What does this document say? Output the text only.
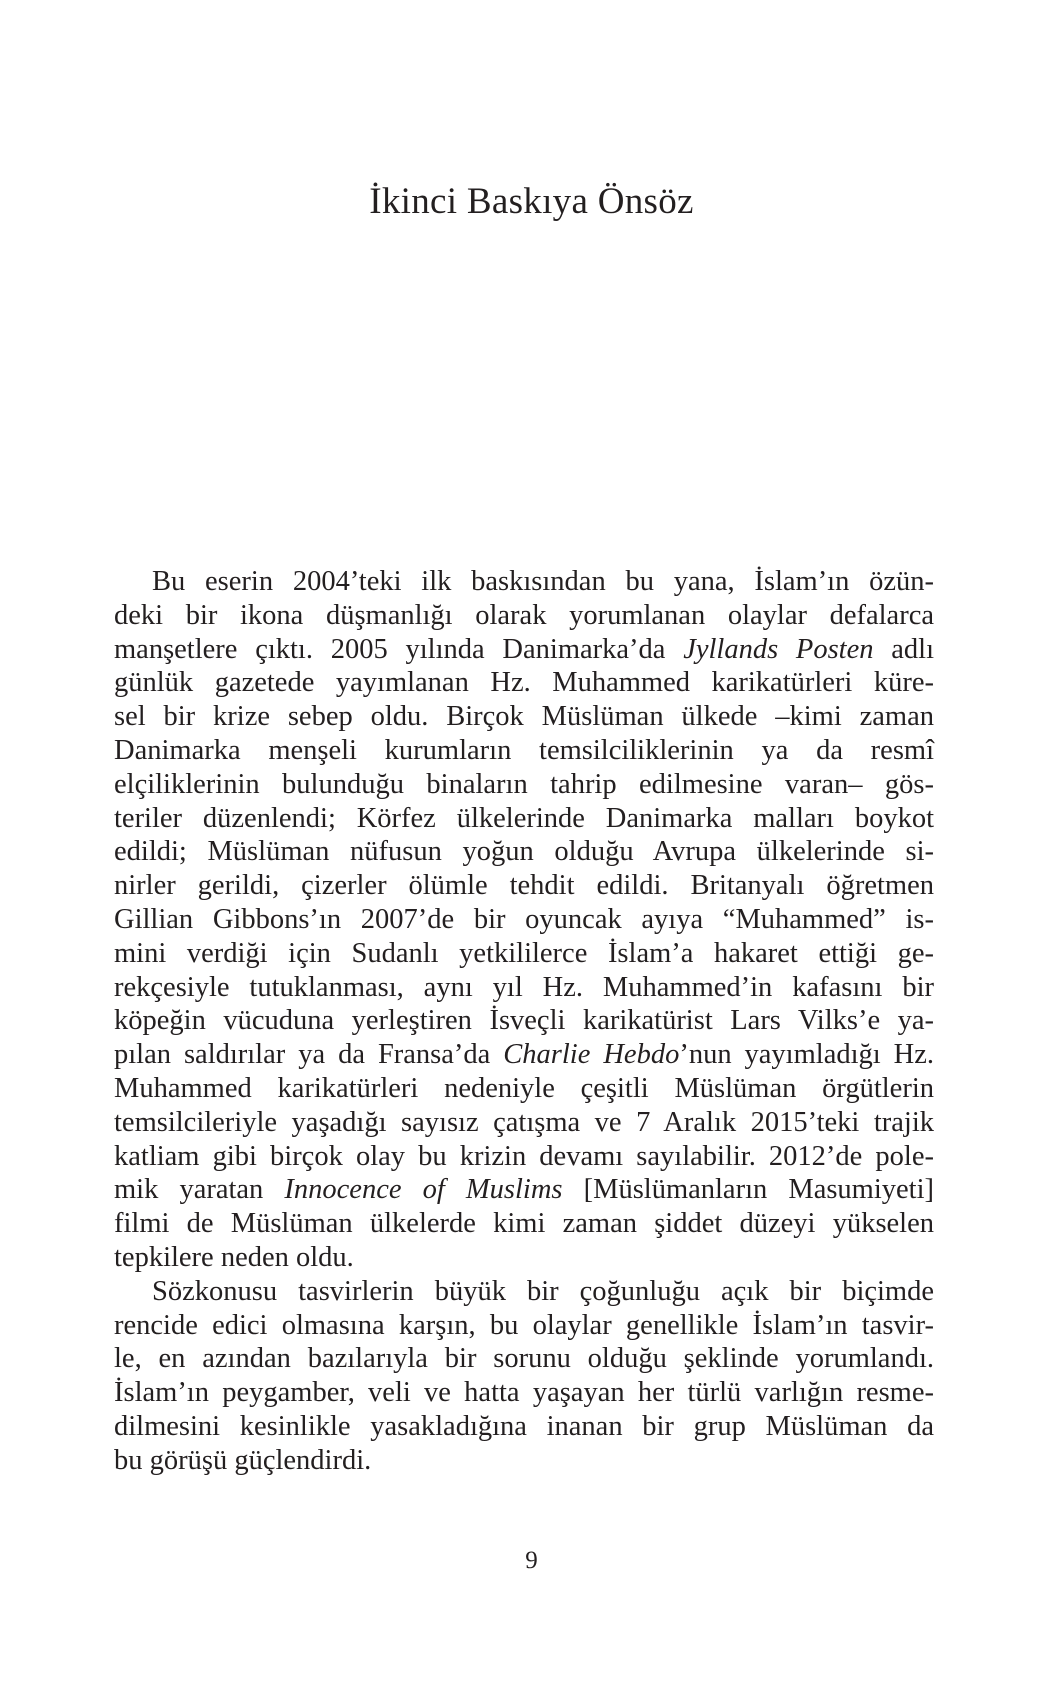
İkinci Baskıya Önsöz
Bu eserin 2004’teki ilk baskısından bu yana, İslam’ın özün-
deki bir ikona düşmanlığı olarak yorumlanan olaylar defalarca
manşetlere çıktı. 2005 yılında Danimarka’da Jyllands Posten adlı
günlük gazetede yayımlanan Hz. Muhammed karikatürleri küre-
sel bir krize sebep oldu. Birçok Müslüman ülkede –kimi zaman
Danimarka menşeli kurumların temsilciliklerinin ya da resmî
elçiliklerinin bulunduğu binaların tahrip edilmesine varan– gös-
teriler düzenlendi; Körfez ülkelerinde Danimarka malları boykot
edildi; Müslüman nüfusun yoğun olduğu Avrupa ülkelerinde si-
nirler gerildi, çizerler ölümle tehdit edildi. Britanyalı öğretmen
Gillian Gibbons’ın 2007’de bir oyuncak ayıya “Muhammed” is-
mini verdiği için Sudanlı yetkililerce İslam’a hakaret ettiği ge-
rekçesiyle tutuklanması, aynı yıl Hz. Muhammed’in kafasını bir
köpeğin vücuduna yerleştiren İsveçli karikatürist Lars Vilks’e ya-
pılan saldırılar ya da Fransa’da Charlie Hebdo’nun yayımladığı Hz.
Muhammed karikatürleri nedeniyle çeşitli Müslüman örgütlerin
temsilcileriyle yaşadığı sayısız çatışma ve 7 Aralık 2015’teki trajik
katliam gibi birçok olay bu krizin devamı sayılabilir. 2012’de pole-
mik yaratan Innocence of Muslims [Müslümanların Masumiyeti]
filmi de Müslüman ülkelerde kimi zaman şiddet düzeyi yükselen
tepkilere neden oldu.
Sözkonusu tasvirlerin büyük bir çoğunluğu açık bir biçimde
rencide edici olmasına karşın, bu olaylar genellikle İslam’ın tasvir-
le, en azından bazılarıyla bir sorunu olduğu şeklinde yorumlandı.
İslam’ın peygamber, veli ve hatta yaşayan her türlü varlığın resme-
dilmesini kesinlikle yasakladığına inanan bir grup Müslüman da
bu görüşü güçlendirdi.
9
